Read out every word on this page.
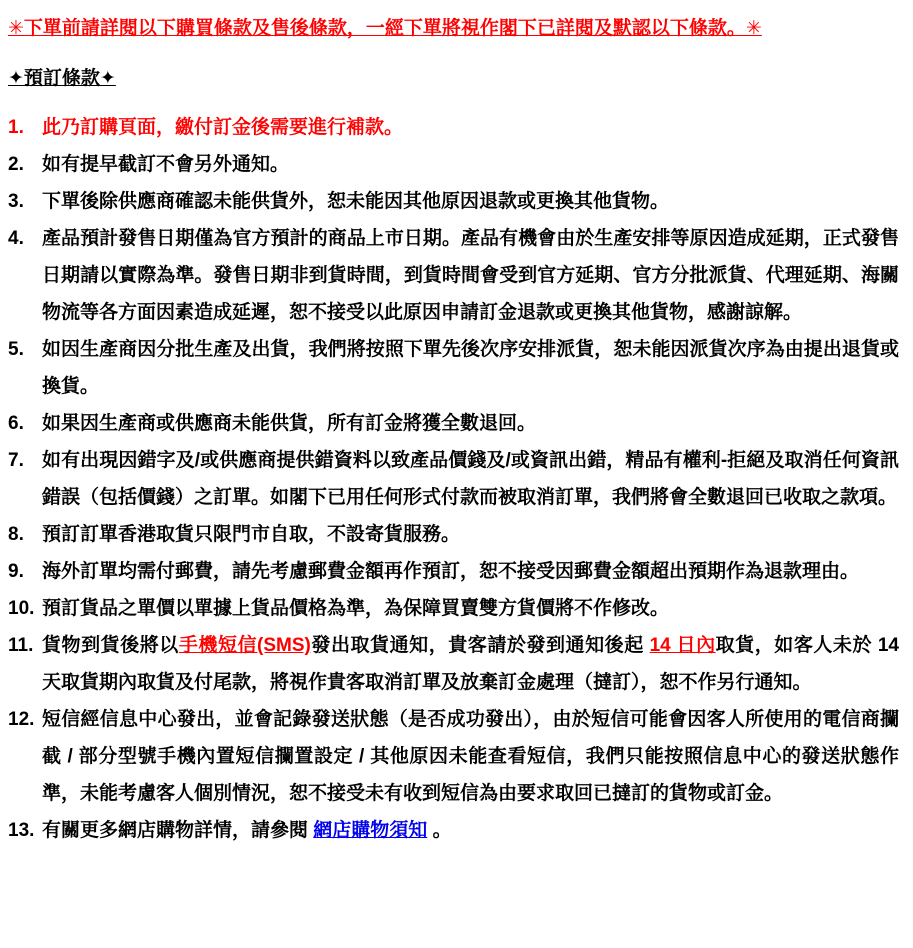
✳下單前請詳閱以下購買條款及售後條款，一經下單將視作閣下已詳閱及默認以下條款。✳
✦預訂條款✦
1. 此乃訂購頁面，繳付訂金後需要進行補款。
2. 如有提早截訂不會另外通知。
3. 下單後除供應商確認未能供貨外，恕未能因其他原因退款或更換其他貨物。
4. 產品預計發售日期僅為官方預計的商品上市日期。產品有機會由於生產安排等原因造成延期，正式發售日期請以實際為準。發售日期非到貨時間，到貨時間會受到官方延期、官方分批派貨、代理延期、海關物流等各方面因素造成延遲，恕不接受以此原因申請訂金退款或更換其他貨物，感謝諒解。
5. 如因生產商因分批生產及出貨，我們將按照下單先後次序安排派貨，恕未能因派貨次序為由提出退貨或換貨。
6. 如果因生產商或供應商未能供貨，所有訂金將獲全數退回。
7. 如有出現因錯字及/或供應商提供錯資料以致產品價錢及/或資訊出錯，精品有權利-拒絕及取消任何資訊錯誤（包括價錢）之訂單。如閣下已用任何形式付款而被取消訂單，我們將會全數退回已收取之款項。
8. 預訂訂單香港取貨只限門市自取，不設寄貨服務。
9. 海外訂單均需付郵費，請先考慮郵費金額再作預訂，恕不接受因郵費金額超出預期作為退款理由。
10. 預訂貨品之單價以單據上貨品價格為準，為保障買賣雙方貨價將不作修改。
11. 貨物到貨後將以手機短信(SMS)發出取貨通知，貴客請於發到通知後起 14 日內取貨，如客人未於 14 天取貨期內取貨及付尾款，將視作貴客取消訂單及放棄訂金處理（撻訂），恕不作另行通知。
12. 短信經信息中心發出，並會記錄發送狀態（是否成功發出），由於短信可能會因客人所使用的電信商攔截 / 部分型號手機內置短信攔置設定 / 其他原因未能查看短信，我們只能按照信息中心的發送狀態作準，未能考慮客人個別情況，恕不接受未有收到短信為由要求取回已撻訂的貨物或訂金。
13. 有關更多網店購物詳情，請參閱 網店購物須知 。
